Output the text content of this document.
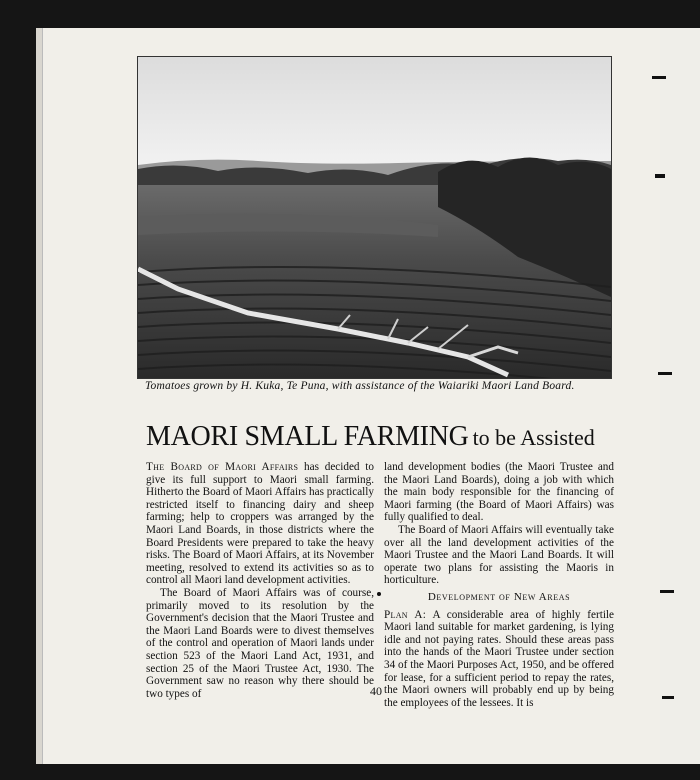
Tomatoes grown by H. Kuka, Te Puna, with assistance of the Waiariki Maori Land Board.
MAORI SMALL FARMING to be Assisted

The Board of Maori Affairs has decided to give its full support to Maori small farming. Hitherto the Board of Maori Affairs has practically restricted itself to financing dairy and sheep farming; help to croppers was arranged by the Maori Land Boards, in those districts where the Board Presidents were prepared to take the heavy risks. The Board of Maori Affairs, at its November meeting, resolved to extend its activities so as to control all Maori land development activities.

The Board of Maori Affairs was of course, primarily moved to its resolution by the Government's decision that the Maori Trustee and the Maori Land Boards were to divest themselves of the control and operation of Maori lands under section 523 of the Maori Land Act, 1931, and section 25 of the Maori Trustee Act, 1930. The Government saw no reason why there should be two types of

land development bodies (the Maori Trustee and the Maori Land Boards), doing a job with which the main body responsible for the financing of Maori farming (the Board of Maori Affairs) was fully qualified to deal.

The Board of Maori Affairs will eventually take over all the land development activities of the Maori Trustee and the Maori Land Boards. It will operate two plans for assisting the Maoris in horticulture.

Development of New Areas

Plan A: A considerable area of highly fertile Maori land suitable for market gardening, is lying idle and not paying rates. Should these areas pass into the hands of the Maori Trustee under section 34 of the Maori Purposes Act, 1950, and be offered for lease, for a sufficient period to repay the rates, the Maori owners will probably end up by being the employees of the lessees. It is

40
